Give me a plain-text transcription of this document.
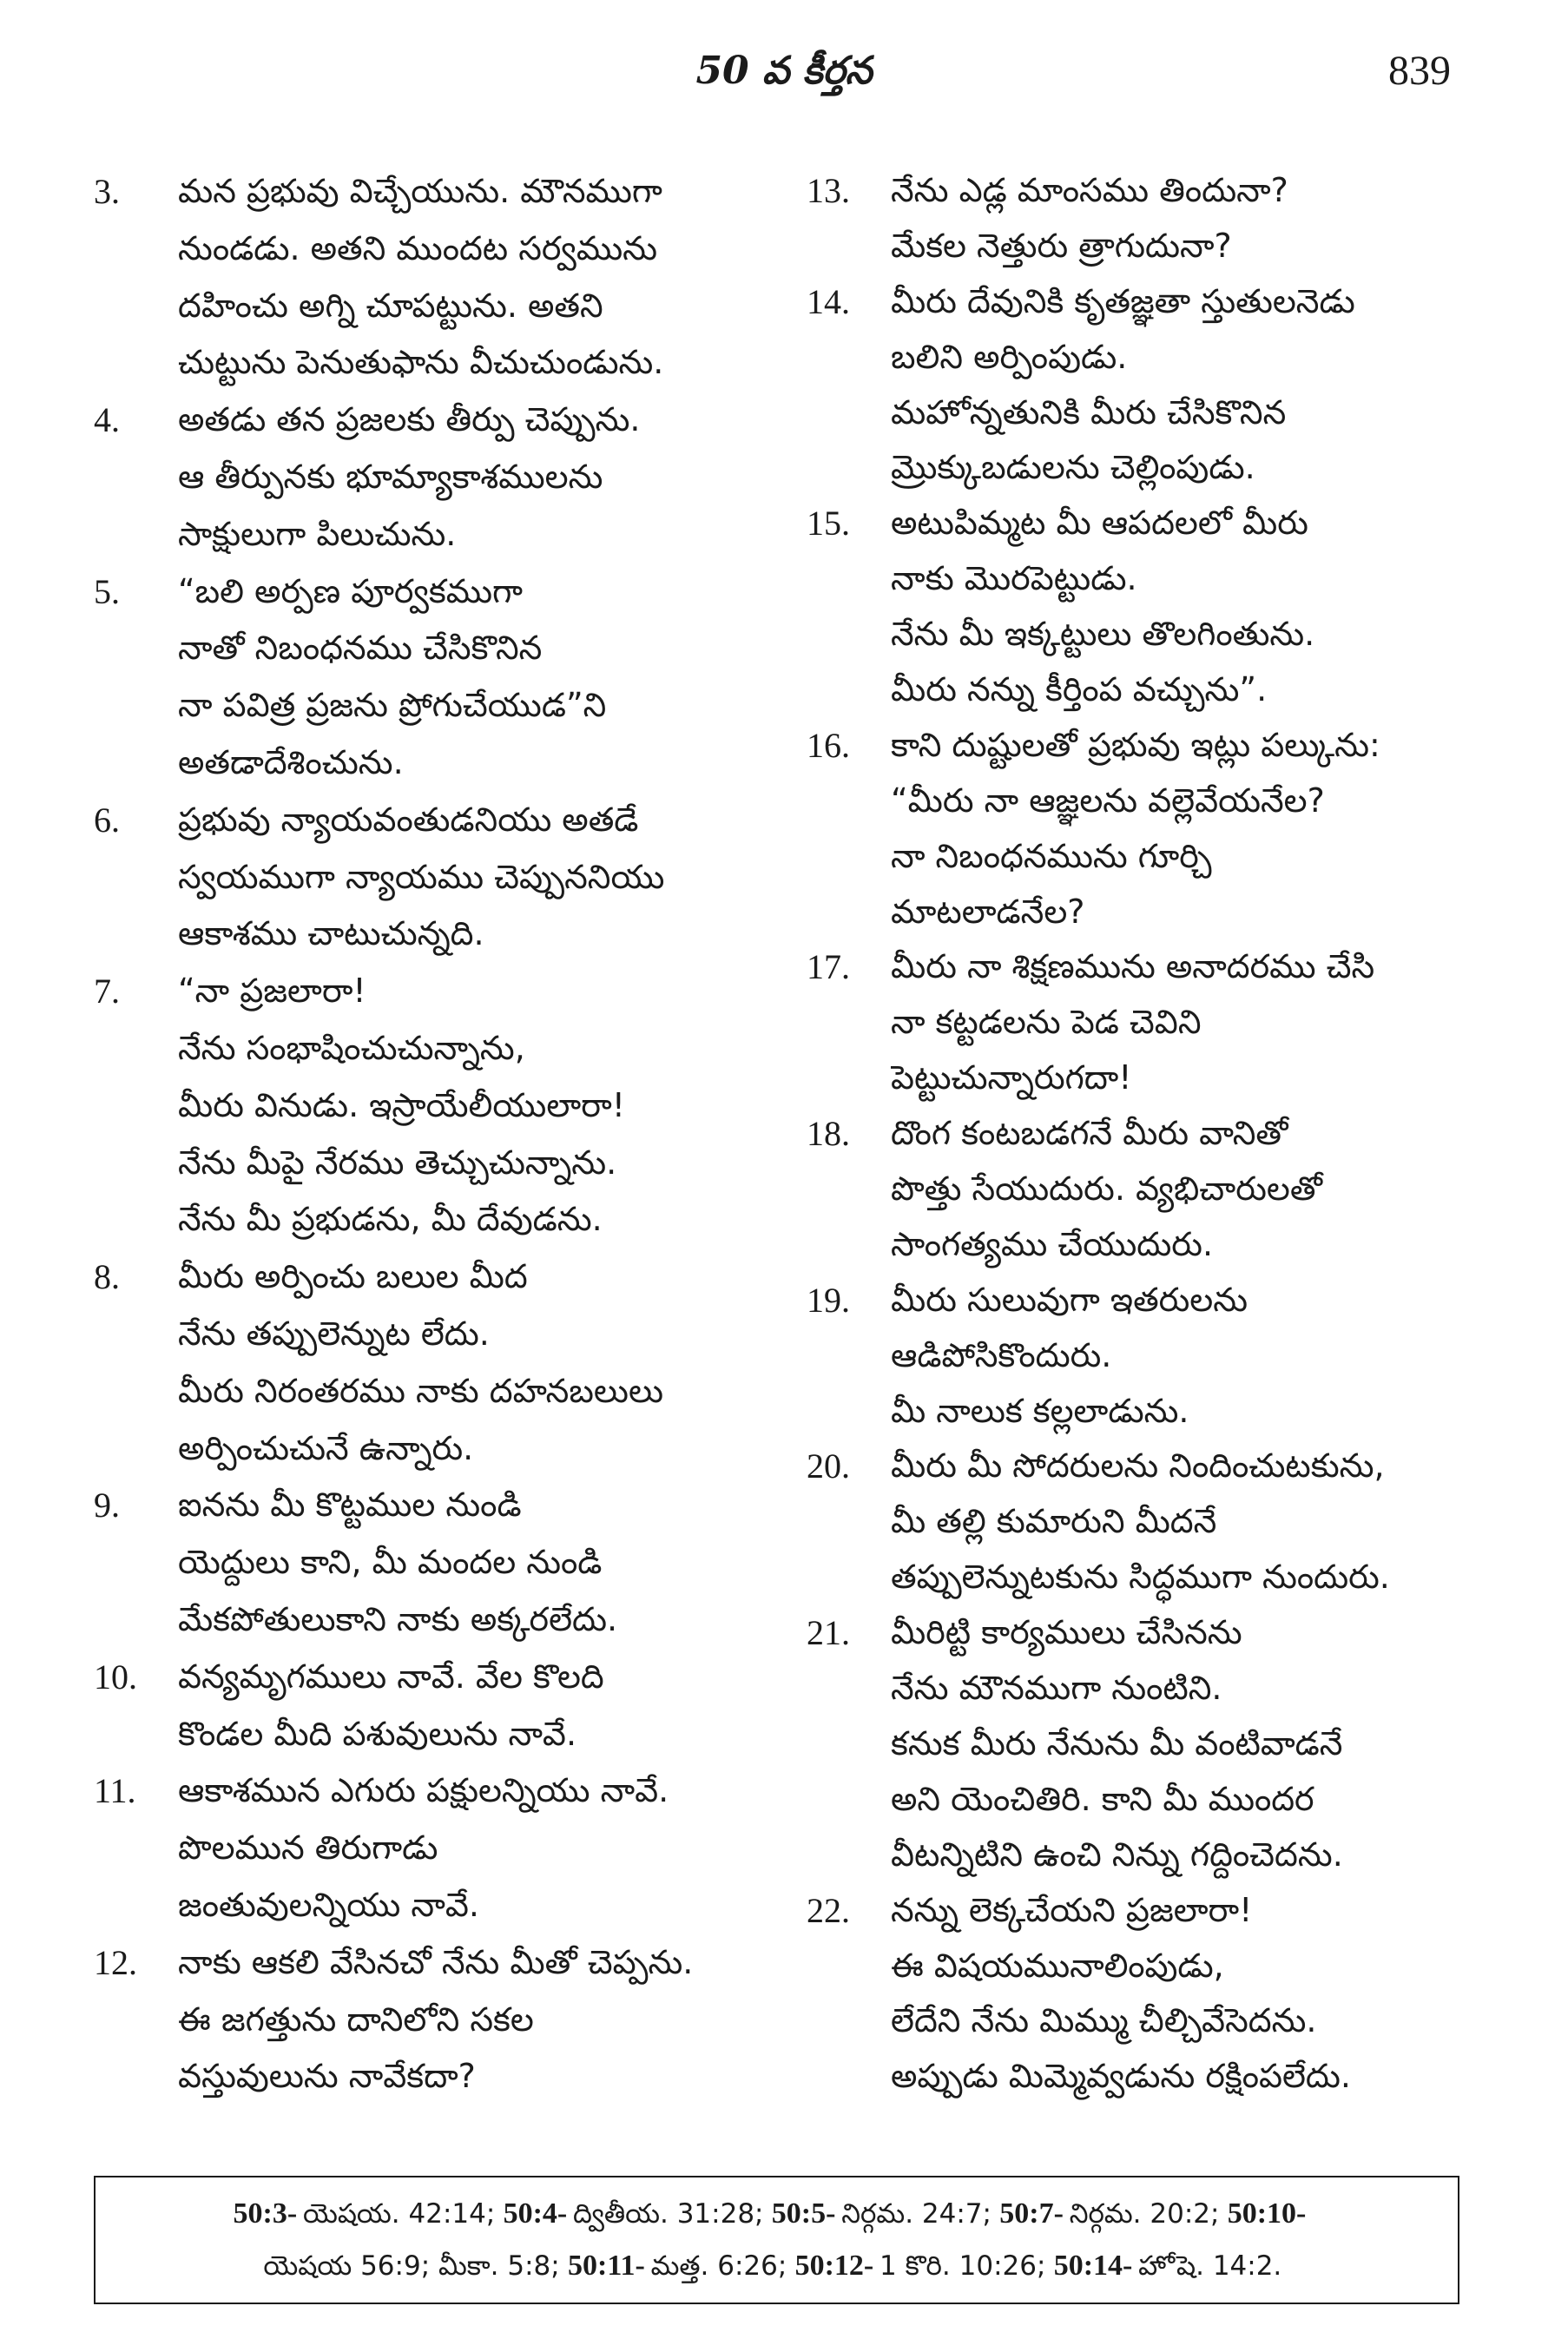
50 వ కీర్తన	839
3. మన ప్రభువు విచ్చేయును. మౌనముగా
నుండడు. అతని ముందట సర్వమును
దహించు అగ్ని చూపట్టును. అతని
చుట్టును పెనుతుఫాను వీచుచుండును.
4. అతడు తన ప్రజలకు తీర్పు చెప్పును.
ఆ తీర్పునకు భూమ్యాకాశములను
సాక్షులుగా పిలుచును.
5. “బలి అర్పణ పూర్వకముగా
నాతో నిబంధనము చేసికొనిన
నా పవిత్ర ప్రజను ప్రోగుచేయుడ”ని
అతడాదేశించును.
6. ప్రభువు న్యాయవంతుడనియు అతడే
స్వయముగా న్యాయము చెప్పుననియు
ఆకాశము చాటుచున్నది.
7. “నా ప్రజలారా!
నేను సంభాషించుచున్నాను,
మీరు వినుడు. ఇస్రాయేలీయులారా!
నేను మీపై నేరము తెచ్చుచున్నాను.
నేను మీ ప్రభుడను, మీ దేవుడను.
8. మీరు అర్పించు బలుల మీద
నేను తప్పులెన్నుట లేదు.
మీరు నిరంతరము నాకు దహనబలులు
అర్పించుచునే ఉన్నారు.
9. ఐనను మీ కొట్టముల నుండి
యెద్దులు కాని, మీ మందల నుండి
మేకపోతులుకాని నాకు అక్కరలేదు.
10. వన్యమృగములు నావే. వేల కొలది
కొండల మీది పశువులును నావే.
11. ఆకాశమున ఎగురు పక్షులన్నియు నావే.
పొలమున తిరుగాడు
జంతువులన్నియు నావే.
12. నాకు ఆకలి వేసినచో నేను మీతో చెప్పను.
ఈ జగత్తును దానిలోని సకల
వస్తువులును నావేకదా?
13. నేను ఎడ్ల మాంసము తిందునా?
మేకల నెత్తురు త్రాగుదునా?
14. మీరు దేవునికి కృతజ్ఞతా స్తుతులనెడు
బలిని అర్పింపుడు.
మహోన్నతునికి మీరు చేసికొనిన
మ్రొక్కుబడులను చెల్లింపుడు.
15. అటుపిమ్మట మీ ఆపదలలో మీరు
నాకు మొరపెట్టుడు.
నేను మీ ఇక్కట్టులు తొలగింతును.
మీరు నన్ను కీర్తింప వచ్చును”.
16. కాని దుష్టులతో ప్రభువు ఇట్లు పల్కును:
“మీరు నా ఆజ్ఞలను వల్లెవేయనేల?
నా నిబంధనమును గూర్చి
మాటలాడనేల?
17. మీరు నా శిక్షణమును అనాదరము చేసి
నా కట్టడలను పెడ చెవిని
పెట్టుచున్నారుగదా!
18. దొంగ కంటబడగనే మీరు వానితో
పొత్తు సేయుదురు. వ్యభిచారులతో
సాంగత్యము చేయుదురు.
19. మీరు సులువుగా ఇతరులను
ఆడిపోసికొందురు.
మీ నాలుక కల్లలాడును.
20. మీరు మీ సోదరులను నిందించుటకును,
మీ తల్లి కుమారుని మీదనే
తప్పులెన్నుటకును సిద్ధముగా నుందురు.
21. మీరిట్టి కార్యములు చేసినను
నేను మౌనముగా నుంటిని.
కనుక మీరు నేనును మీ వంటివాడనే
అని యెంచితిరి. కాని మీ ముందర
వీటన్నిటిని ఉంచి నిన్ను గద్దించెదను.
22. నన్ను లెక్కచేయని ప్రజలారా!
ఈ విషయమునాలింపుడు,
లేదేని నేను మిమ్ము చీల్చివేసెదను.
అప్పుడు మిమ్మెవ్వడును రక్షింపలేదు.
50:3- యెషయ. 42:14; 50:4- ద్వితీయ. 31:28; 50:5- నిర్గమ. 24:7; 50:7- నిర్గమ. 20:2; 50:10-
యెషయ 56:9; మీకా. 5:8; 50:11- మత్త. 6:26; 50:12- 1 కొరి. 10:26; 50:14- హోషె. 14:2.
